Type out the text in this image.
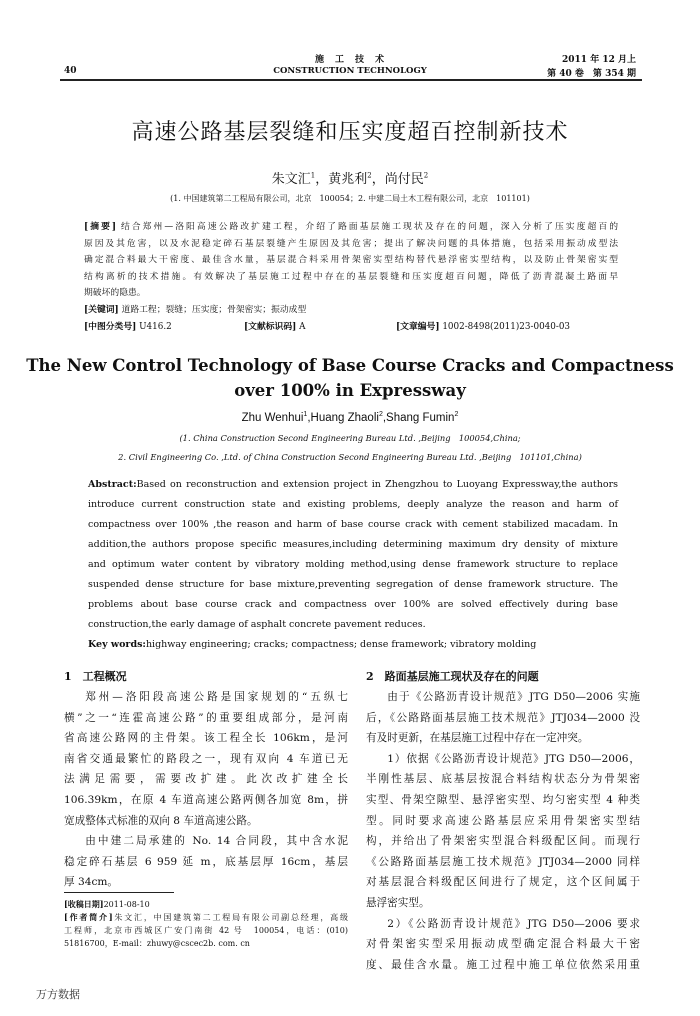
施　工　技　术
CONSTRUCTION TECHNOLOGY
40
2011 年 12 月上
第 40 卷　第 354 期
高速公路基层裂缝和压实度超百控制新技术
朱文汇$^1$，黄兆利$^2$，尚付民$^2$
(1. 中国建筑第二工程局有限公司，北京　100054；2. 中建二局土木工程有限公司，北京　101101)
[摘要] 结合郑州—洛阳高速公路改扩建工程，介绍了路面基层施工现状及存在的问题，深入分析了压实度超百的
原因及其危害，以及水泥稳定碎石基层裂缝产生原因及其危害；提出了解决问题的具体措施，包括采用振动成型法
确定混合料最大干密度、最佳含水量，基层混合料采用骨架密实型结构替代悬浮密实型结构，以及防止骨架密实型
结构离析的技术措施。有效解决了基层施工过程中存在的基层裂缝和压实度超百问题，降低了沥青混凝土路面早
期破坏的隐患。
[关键词] 道路工程；裂缝；压实度；骨架密实；振动成型
[中图分类号] U416.2	[文献标识码] A	[文章编号] 1002-8498(2011)23-0040-03
The New Control Technology of Base Course Cracks and Compactness
over 100% in Expressway
Zhu Wenhui$^1$,Huang Zhaoli$^2$,Shang Fumin$^2$
(1. China Construction Second Engineering Bureau Ltd. ,Beijing　100054,China;
2. Civil Engineering Co. ,Ltd. of China Construction Second Engineering Bureau Ltd. ,Beijing　101101,China)
Abstract:Based on reconstruction and extension project in Zhengzhou to Luoyang Expressway,the authors
introduce current construction state and existing problems, deeply analyze the reason and harm of
compactness over 100% ,the reason and harm of base course crack with cement stabilized macadam. In
addition,the authors propose specific measures,including determining maximum dry density of mixture
and optimum water content by vibratory molding method,using dense framework structure to replace
suspended dense structure for base mixture,preventing segregation of dense framework structure. The
problems about base course crack and compactness over 100% are solved effectively during base
construction,the early damage of asphalt concrete pavement reduces.
Key words:highway engineering; cracks; compactness; dense framework; vibratory molding
1　工程概况
郑州—洛阳段高速公路是国家规划的“五纵七
横”之一“连霍高速公路”的重要组成部分，是河南
省高速公路网的主骨架。该工程全长 106km，是河
南省交通最繁忙的路段之一，现有双向 4 车道已无
法满足需要，需要改扩建。此次改扩建全长
106.39km，在原 4 车道高速公路两侧各加宽 8m，拼
宽成整体式标准的双向 8 车道高速公路。
由中建二局承建的 No. 14 合同段，其中含水泥
稳定碎石基层 6 959 延 m，底基层厚 16cm，基层
厚 34cm。
[收稿日期]2011-08-10
[作者简介]朱文汇，中国建筑第二工程局有限公司副总经理，高级
工程师，北京市西城区广安门南街 42 号　100054，电话：(010)
51816700，E-mail：zhuwy@cscec2b. com. cn
2　路面基层施工现状及存在的问题
由于《公路沥青设计规范》JTG D50—2006 实施
后，《公路路面基层施工技术规范》JTJ034—2000 没
有及时更新，在基层施工过程中存在一定冲突。
1）依据《公路沥青设计规范》JTG D50—2006，
半刚性基层、底基层按混合料结构状态分为骨架密
实型、骨架空隙型、悬浮密实型、均匀密实型 4 种类
型。同时要求高速公路基层应采用骨架密实型结
构，并给出了骨架密实型混合料级配区间。而现行
《公路路面基层施工技术规范》JTJ034—2000 同样
对基层混合料级配区间进行了规定，这个区间属于
悬浮密实型。
2）《公路沥青设计规范》JTG D50—2006 要求
对骨架密实型采用振动成型确定混合料最大干密
度、最佳含水量。施工过程中施工单位依然采用重
万方数据
